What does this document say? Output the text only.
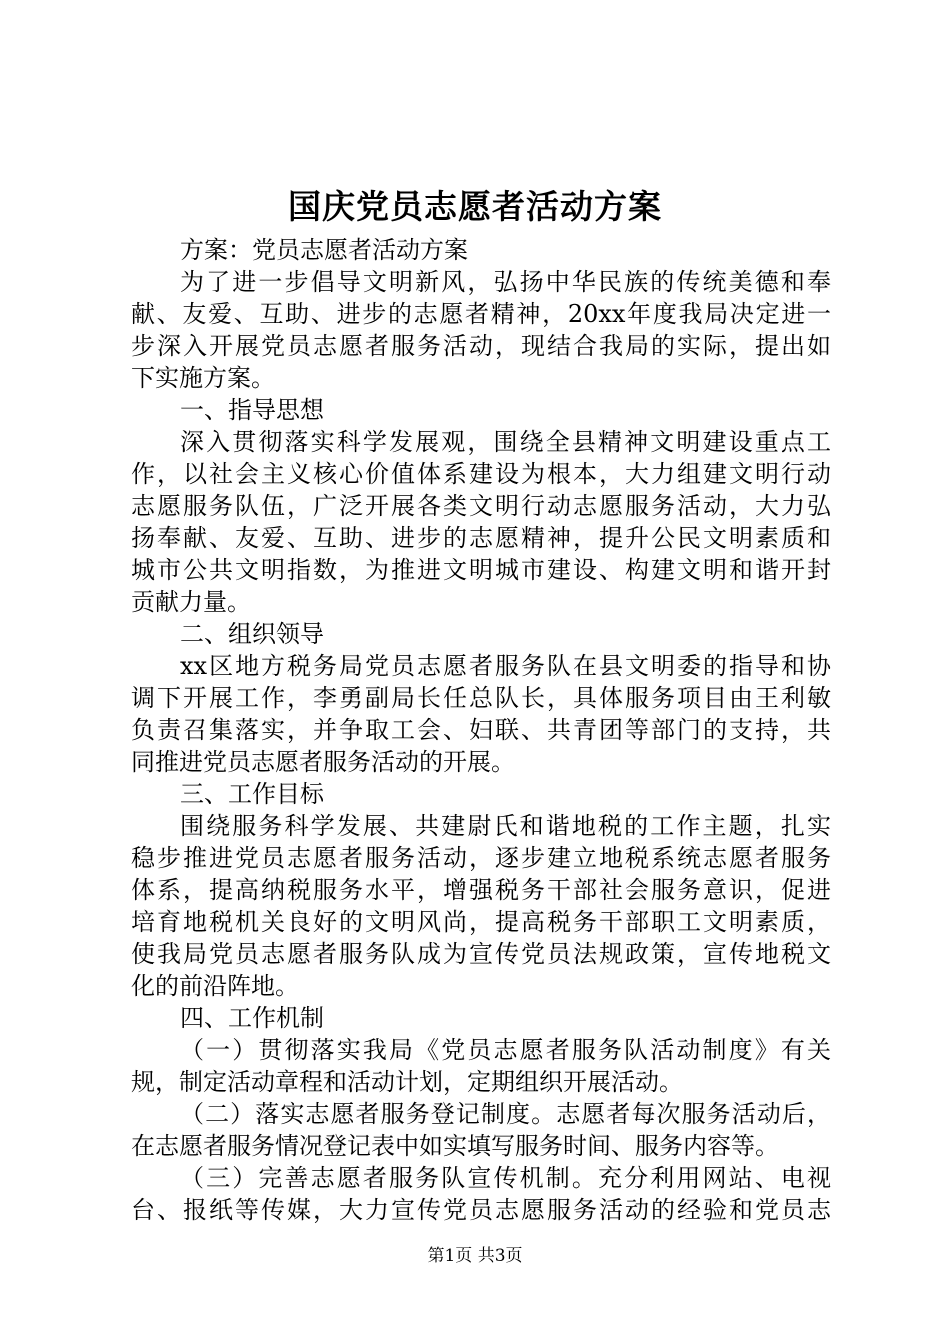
国庆党员志愿者活动方案
方案：党员志愿者活动方案
为了进一步倡导文明新风，弘扬中华民族的传统美德和奉
献、友爱、互助、进步的志愿者精神，20xx年度我局决定进一
步深入开展党员志愿者服务活动，现结合我局的实际，提出如
下实施方案。
一、指导思想
深入贯彻落实科学发展观，围绕全县精神文明建设重点工
作，以社会主义核心价值体系建设为根本，大力组建文明行动
志愿服务队伍，广泛开展各类文明行动志愿服务活动，大力弘
扬奉献、友爱、互助、进步的志愿精神，提升公民文明素质和
城市公共文明指数，为推进文明城市建设、构建文明和谐开封
贡献力量。
二、组织领导
xx区地方税务局党员志愿者服务队在县文明委的指导和协
调下开展工作，李勇副局长任总队长，具体服务项目由王利敏
负责召集落实，并争取工会、妇联、共青团等部门的支持，共
同推进党员志愿者服务活动的开展。
三、工作目标
围绕服务科学发展、共建尉氏和谐地税的工作主题，扎实
稳步推进党员志愿者服务活动，逐步建立地税系统志愿者服务
体系，提高纳税服务水平，增强税务干部社会服务意识，促进
培育地税机关良好的文明风尚，提高税务干部职工文明素质，
使我局党员志愿者服务队成为宣传党员法规政策，宣传地税文
化的前沿阵地。
四、工作机制
（一）贯彻落实我局《党员志愿者服务队活动制度》有关
规，制定活动章程和活动计划，定期组织开展活动。
（二）落实志愿者服务登记制度。志愿者每次服务活动后，
在志愿者服务情况登记表中如实填写服务时间、服务内容等。
（三）完善志愿者服务队宣传机制。充分利用网站、电视
台、报纸等传媒，大力宣传党员志愿服务活动的经验和党员志
第1页 共3页
